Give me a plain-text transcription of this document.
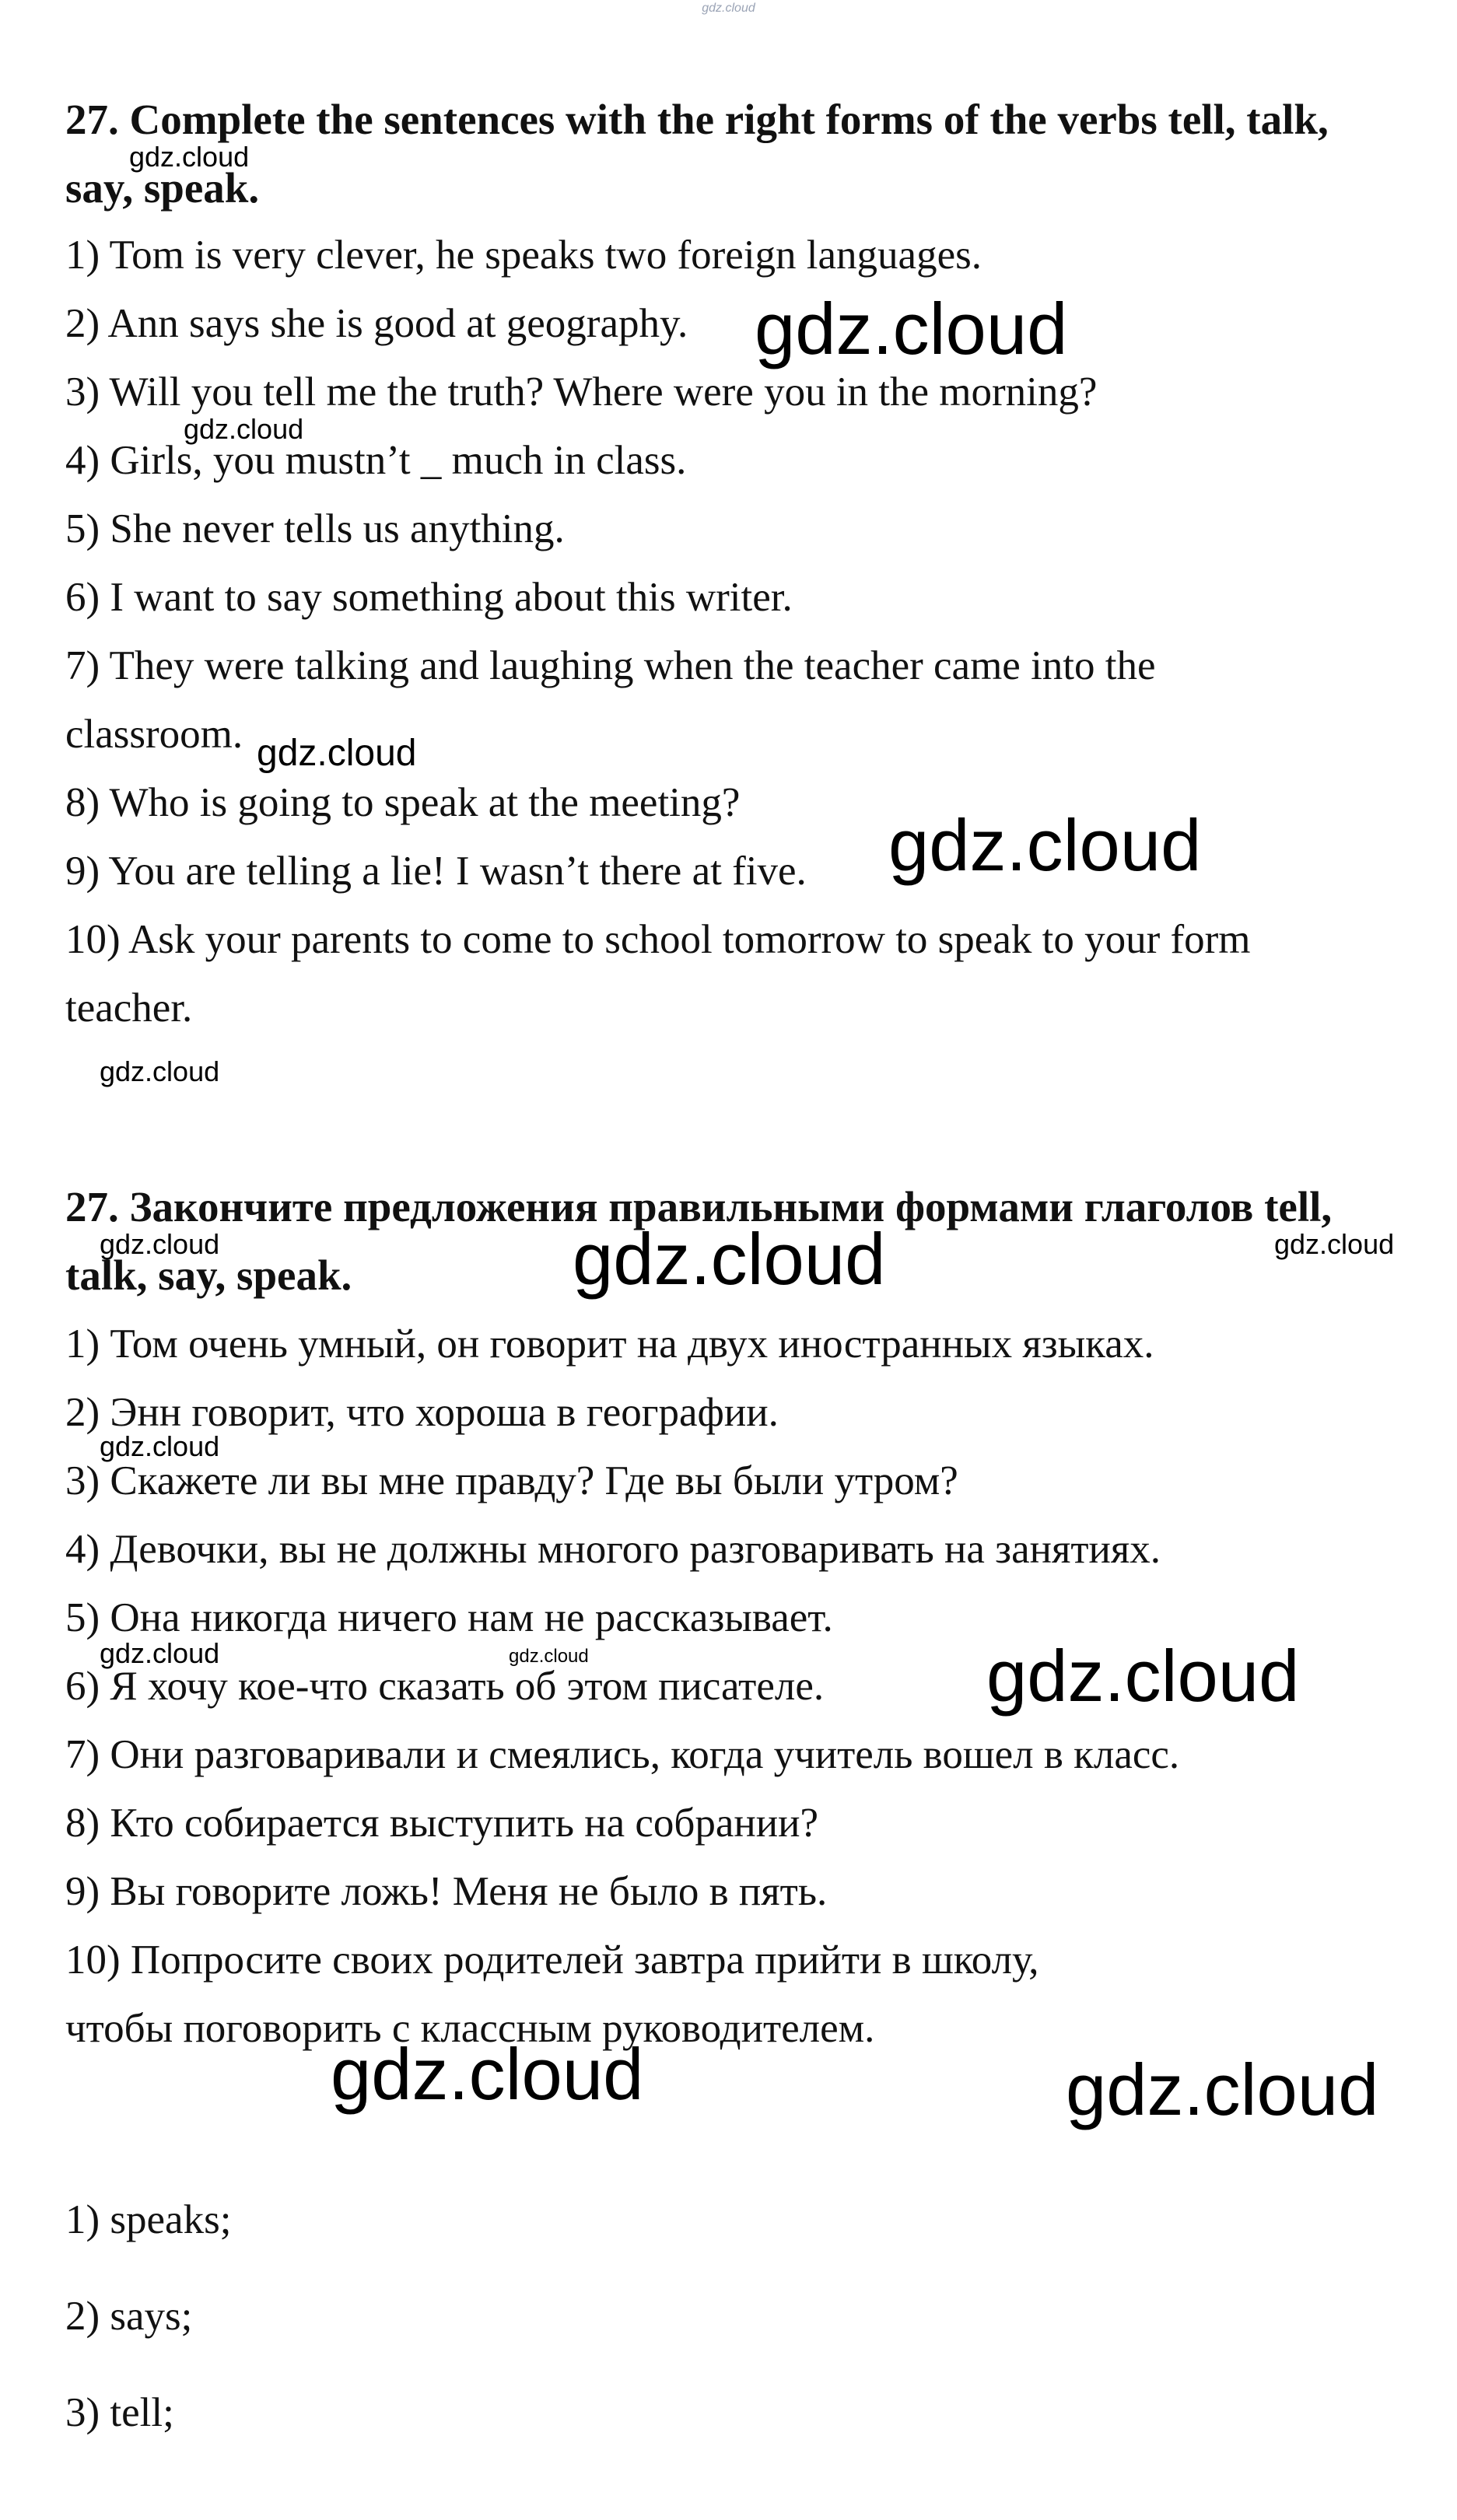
gdz.cloud
27. Complete the sentences with the right forms of the verbs tell, talk, say, speak.
1) Tom is very clever, he speaks two foreign languages.
2) Ann says she is good at geography.
3) Will you tell me the truth? Where were you in the morning?
4) Girls, you mustn’t _ much in class.
5) She never tells us anything.
6) I want to say something about this writer.
7) They were talking and laughing when the teacher came into the
classroom.
8) Who is going to speak at the meeting?
9) You are telling a lie! I wasn’t there at five.
10) Ask your parents to come to school tomorrow to speak to your form
teacher.
27. Закончите предложения правильными формами глаголов tell, talk, say, speak.
1) Том очень умный, он говорит на двух иностранных языках.
2) Энн говорит, что хороша в географии.
3) Скажете ли вы мне правду? Где вы были утром?
4) Девочки, вы не должны многого разговаривать на занятиях.
5) Она никогда ничего нам не рассказывает.
6) Я хочу кое-что сказать об этом писателе.
7) Они разговаривали и смеялись, когда учитель вошел в класс.
8) Кто собирается выступить на собрании?
9) Вы говорите ложь! Меня не было в пять.
10) Попросите своих родителей завтра прийти в школу,
чтобы поговорить с классным руководителем.
1) speaks;
2) says;
3) tell;
gdz.cloud
gdz.cloud
gdz.cloud
gdz.cloud
gdz.cloud
gdz.cloud
gdz.cloud	gdz.cloud	gdz.cloud
gdz.cloud
gdz.cloud	gdz.cloud	gdz.cloud
gdz.cloud	gdz.cloud
